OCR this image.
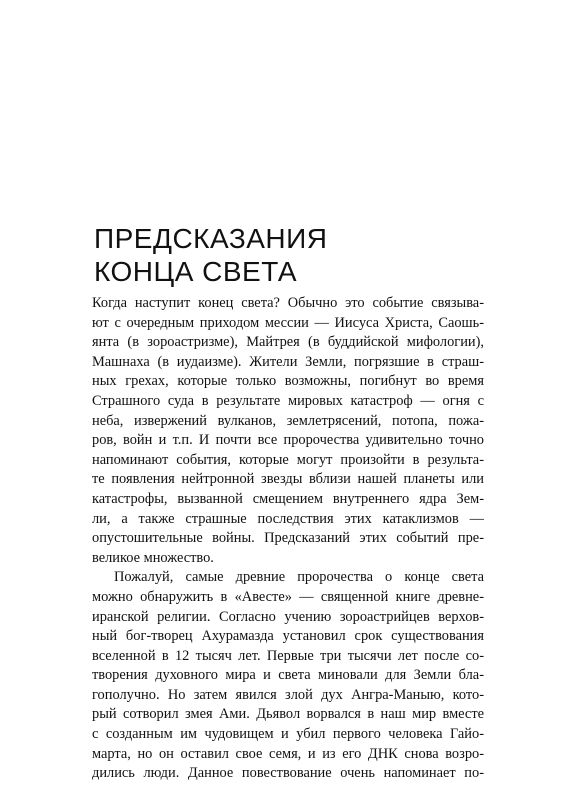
ПРЕДСКАЗАНИЯ
КОНЦА СВЕТА
Когда наступит конец света? Обычно это событие связыва-
ют с очередным приходом мессии — Иисуса Христа, Саошь-
янта (в зороастризме), Майтрея (в буддийской мифологии),
Машнаха (в иудаизме). Жители Земли, погрязшие в страш-
ных грехах, которые только возможны, погибнут во время
Страшного суда в результате мировых катастроф — огня с
неба, извержений вулканов, землетрясений, потопа, пожа-
ров, войн и т.п. И почти все пророчества удивительно точно
напоминают события, которые могут произойти в результа-
те появления нейтронной звезды вблизи нашей планеты или
катастрофы, вызванной смещением внутреннего ядра Зем-
ли, а также страшные последствия этих катаклизмов —
опустошительные войны. Предсказаний этих событий пре-
великое множество.
Пожалуй, самые древние пророчества о конце света
можно обнаружить в «Авесте» — священной книге древне-
иранской религии. Согласно учению зороастрийцев верхов-
ный бог-творец Ахурамазда установил срок существования
вселенной в 12 тысяч лет. Первые три тысячи лет после со-
творения духовного мира и света миновали для Земли бла-
гополучно. Но затем явился злой дух Ангра-Маныю, кото-
рый сотворил змея Ами. Дьявол ворвался в наш мир вместе
с созданным им чудовищем и убил первого человека Гайо-
марта, но он оставил свое семя, и из его ДНК снова возро-
дились люди. Данное повествование очень напоминает по-
